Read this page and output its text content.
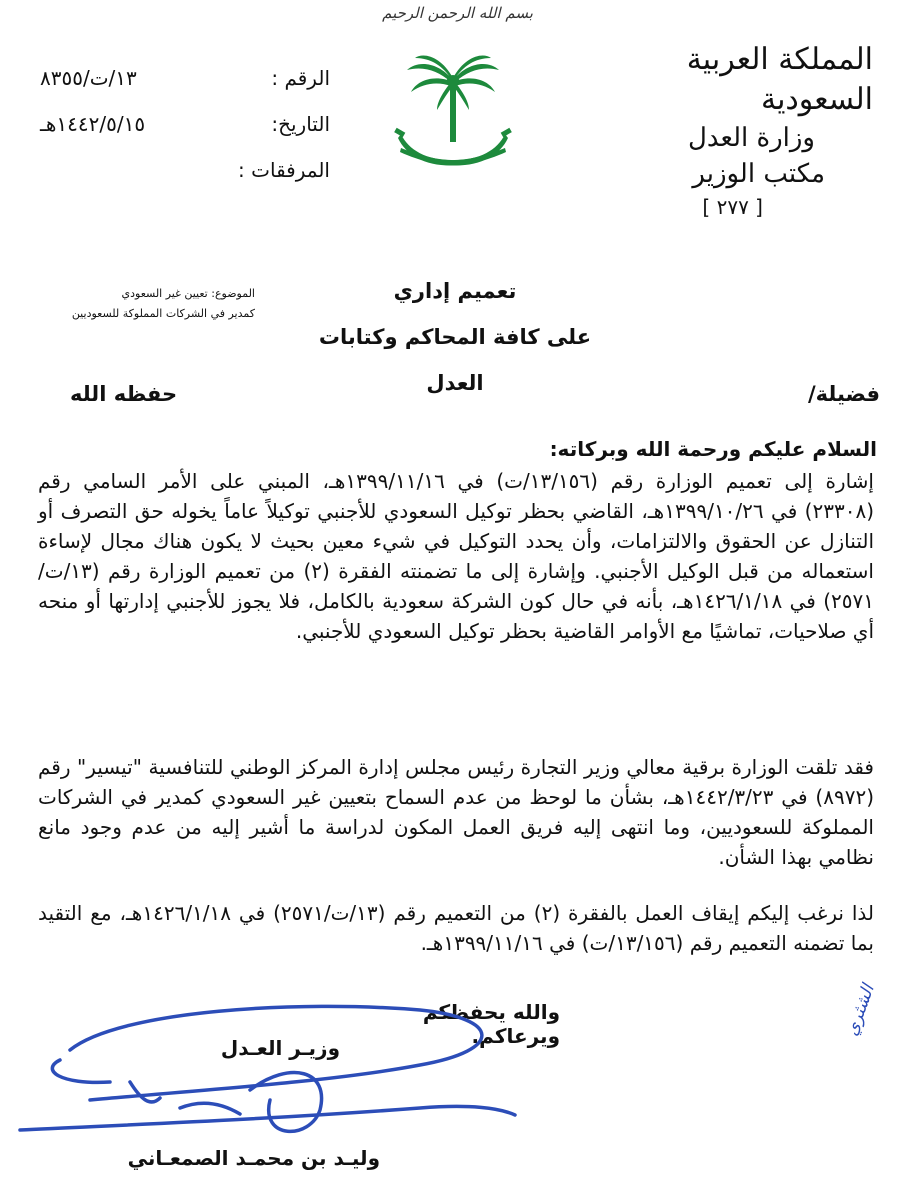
بسم الله الرحمن الرحيم
المملكة العربية السعودية
وزارة العدل
مكتب الوزير
[ ٢٧٧ ]
١٣/ت/٨٣٥٥	الرقم :
١٤٤٢/٥/١٥هـ	التاريخ:
المرفقات :
الموضوع: تعيين غير السعودي
كمدير في الشركات المملوكة للسعوديين
تعميم إداري
على كافة المحاكم وكتابات العدل	فضيلة/
حفظه الله
السلام عليكم ورحمة الله وبركاته:
إشارة إلى تعميم الوزارة رقم (١٣/١٥٦/ت) في ١٣٩٩/١١/١٦هـ، المبني على الأمر السامي رقم (٢٣٣٠٨) في ١٣٩٩/١٠/٢٦هـ، القاضي بحظر توكيل السعودي للأجنبي توكيلاً عاماً يخوله حق التصرف أو التنازل عن الحقوق والالتزامات، وأن يحدد التوكيل في شيء معين بحيث لا يكون هناك مجال لإساءة استعماله من قبل الوكيل الأجنبي. وإشارة إلى ما تضمنته الفقرة (٢) من تعميم الوزارة رقم (١٣/ت/٢٥٧١) في ١٤٢٦/١/١٨هـ، بأنه في حال كون الشركة سعودية بالكامل، فلا يجوز للأجنبي إدارتها أو منحه أي صلاحيات، تماشيًا مع الأوامر القاضية بحظر توكيل السعودي للأجنبي.
فقد تلقت الوزارة برقية معالي وزير التجارة رئيس مجلس إدارة المركز الوطني للتنافسية "تيسير" رقم (٨٩٧٢) في ١٤٤٢/٣/٢٣هـ، بشأن ما لوحظ من عدم السماح بتعيين غير السعودي كمدير في الشركات المملوكة للسعوديين، وما انتهى إليه فريق العمل المكون لدراسة ما أشير إليه من عدم وجود مانع نظامي بهذا الشأن.
لذا نرغب إليكم إيقاف العمل بالفقرة (٢) من التعميم رقم (١٣/ت/٢٥٧١) في ١٤٢٦/١/١٨هـ، مع التقيد بما تضمنه التعميم رقم (١٣/١٥٦/ت) في ١٣٩٩/١١/١٦هـ.
الشثري
والله يحفظكم ويرعاكم.
وزيـر العـدل
وليـد بن محمـد الصمعـاني
